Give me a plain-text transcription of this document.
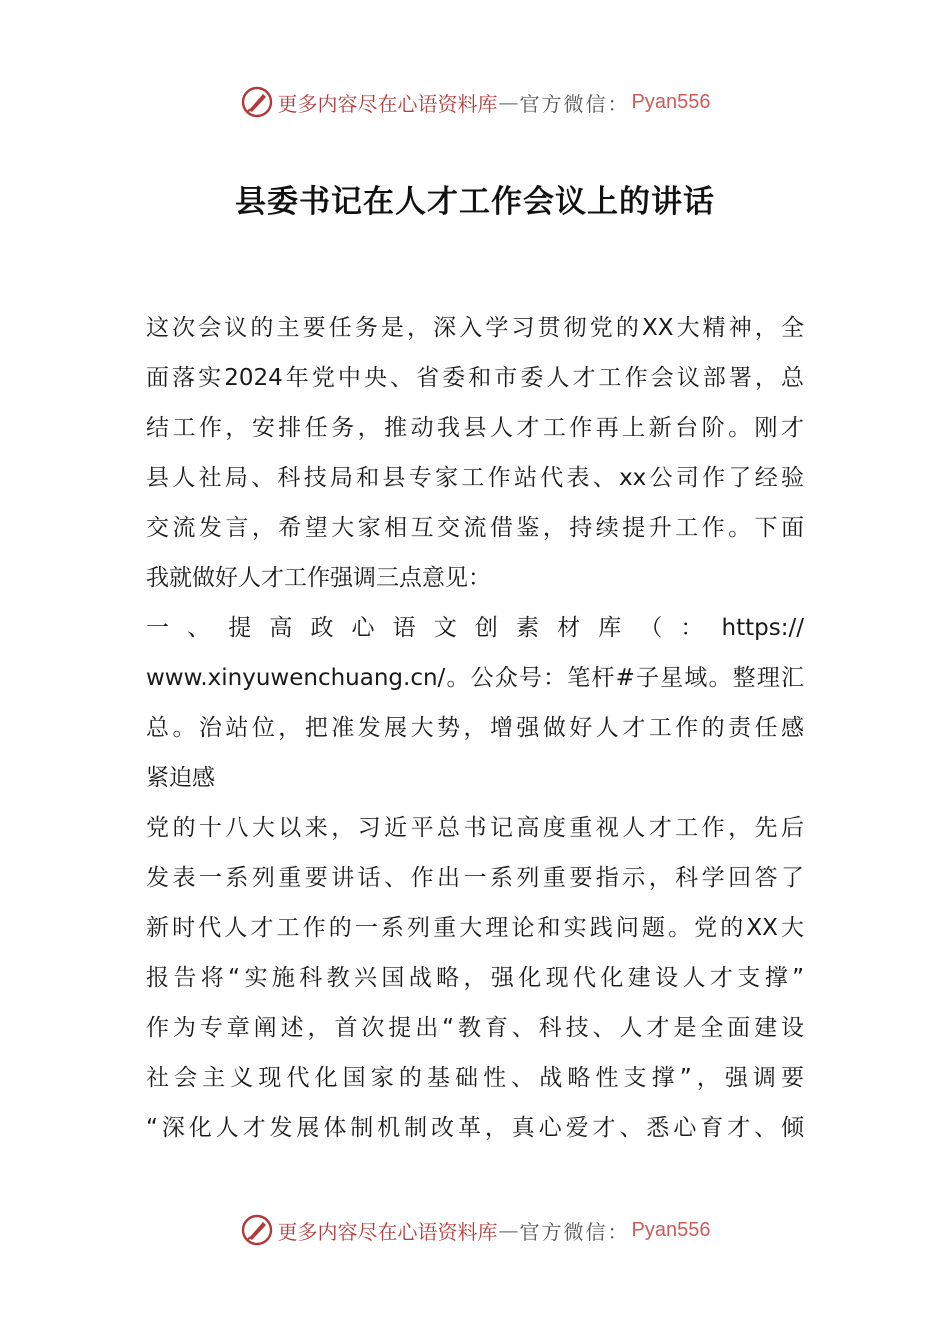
更多内容尽在心语资料库 — 官方微信： Pyan556
县委书记在人才工作会议上的讲话
这次会议的主要任务是，深入学习贯彻党的XX大精神，全
面落实2024年党中央、省委和市委人才工作会议部署，总
结工作，安排任务，推动我县人才工作再上新台阶。刚才
县人社局、科技局和县专家工作站代表、xx公司作了经验
交流发言，希望大家相互交流借鉴，持续提升工作。下面
我就做好人才工作强调三点意见：
一、提高政心语文创素材库（：https://
www.xinyuwenchuang.cn/。公众号：笔杆#子星域。整理汇
总。治站位，把准发展大势，增强做好人才工作的责任感
紧迫感
党的十八大以来，习近平总书记高度重视人才工作，先后
发表一系列重要讲话、作出一系列重要指示，科学回答了
新时代人才工作的一系列重大理论和实践问题。党的XX大
报告将“实施科教兴国战略，强化现代化建设人才支撑”
作为专章阐述，首次提出“教育、科技、人才是全面建设
社会主义现代化国家的基础性、战略性支撑”，强调要
“深化人才发展体制机制改革，真心爱才、悉心育才、倾
更多内容尽在心语资料库 — 官方微信： Pyan556
